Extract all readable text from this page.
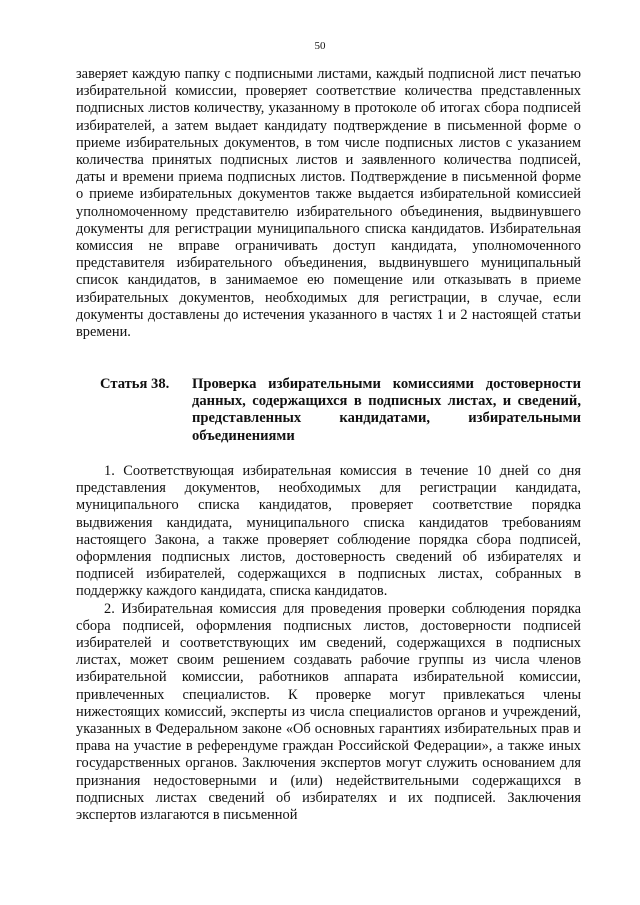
50

заверяет каждую папку с подписными листами, каждый подписной лист печатью избирательной комиссии, проверяет соответствие количества представленных подписных листов количеству, указанному в протоколе об итогах сбора подписей избирателей, а затем выдает кандидату подтверждение в письменной форме о приеме избирательных документов, в том числе подписных листов с указанием количества принятых подписных листов и заявленного количества подписей, даты и времени приема подписных листов. Подтверждение в письменной форме о приеме избирательных документов также выдается избирательной комиссией уполномоченному представителю избирательного объединения, выдвинувшего документы для регистрации муниципального списка кандидатов. Избирательная комиссия не вправе ограничивать доступ кандидата, уполномоченного представителя избирательного объединения, выдвинувшего муниципальный список кандидатов, в занимаемое ею помещение или отказывать в приеме избирательных документов, необходимых для регистрации, в случае, если документы доставлены до истечения указанного в частях 1 и 2 настоящей статьи времени.

Статья 38. Проверка избирательными комиссиями достоверности данных, содержащихся в подписных листах, и сведений, представленных кандидатами, избирательными объединениями

1. Соответствующая избирательная комиссия в течение 10 дней со дня представления документов, необходимых для регистрации кандидата, муниципального списка кандидатов, проверяет соответствие порядка выдвижения кандидата, муниципального списка кандидатов требованиям настоящего Закона, а также проверяет соблюдение порядка сбора подписей, оформления подписных листов, достоверность сведений об избирателях и подписей избирателей, содержащихся в подписных листах, собранных в поддержку каждого кандидата, списка кандидатов.

2. Избирательная комиссия для проведения проверки соблюдения порядка сбора подписей, оформления подписных листов, достоверности подписей избирателей и соответствующих им сведений, содержащихся в подписных листах, может своим решением создавать рабочие группы из числа членов избирательной комиссии, работников аппарата избирательной комиссии, привлеченных специалистов. К проверке могут привлекаться члены нижестоящих комиссий, эксперты из числа специалистов органов и учреждений, указанных в Федеральном законе «Об основных гарантиях избирательных прав и права на участие в референдуме граждан Российской Федерации», а также иных государственных органов. Заключения экспертов могут служить основанием для признания недостоверными и (или) недействительными содержащихся в подписных листах сведений об избирателях и их подписей. Заключения экспертов излагаются в письменной
